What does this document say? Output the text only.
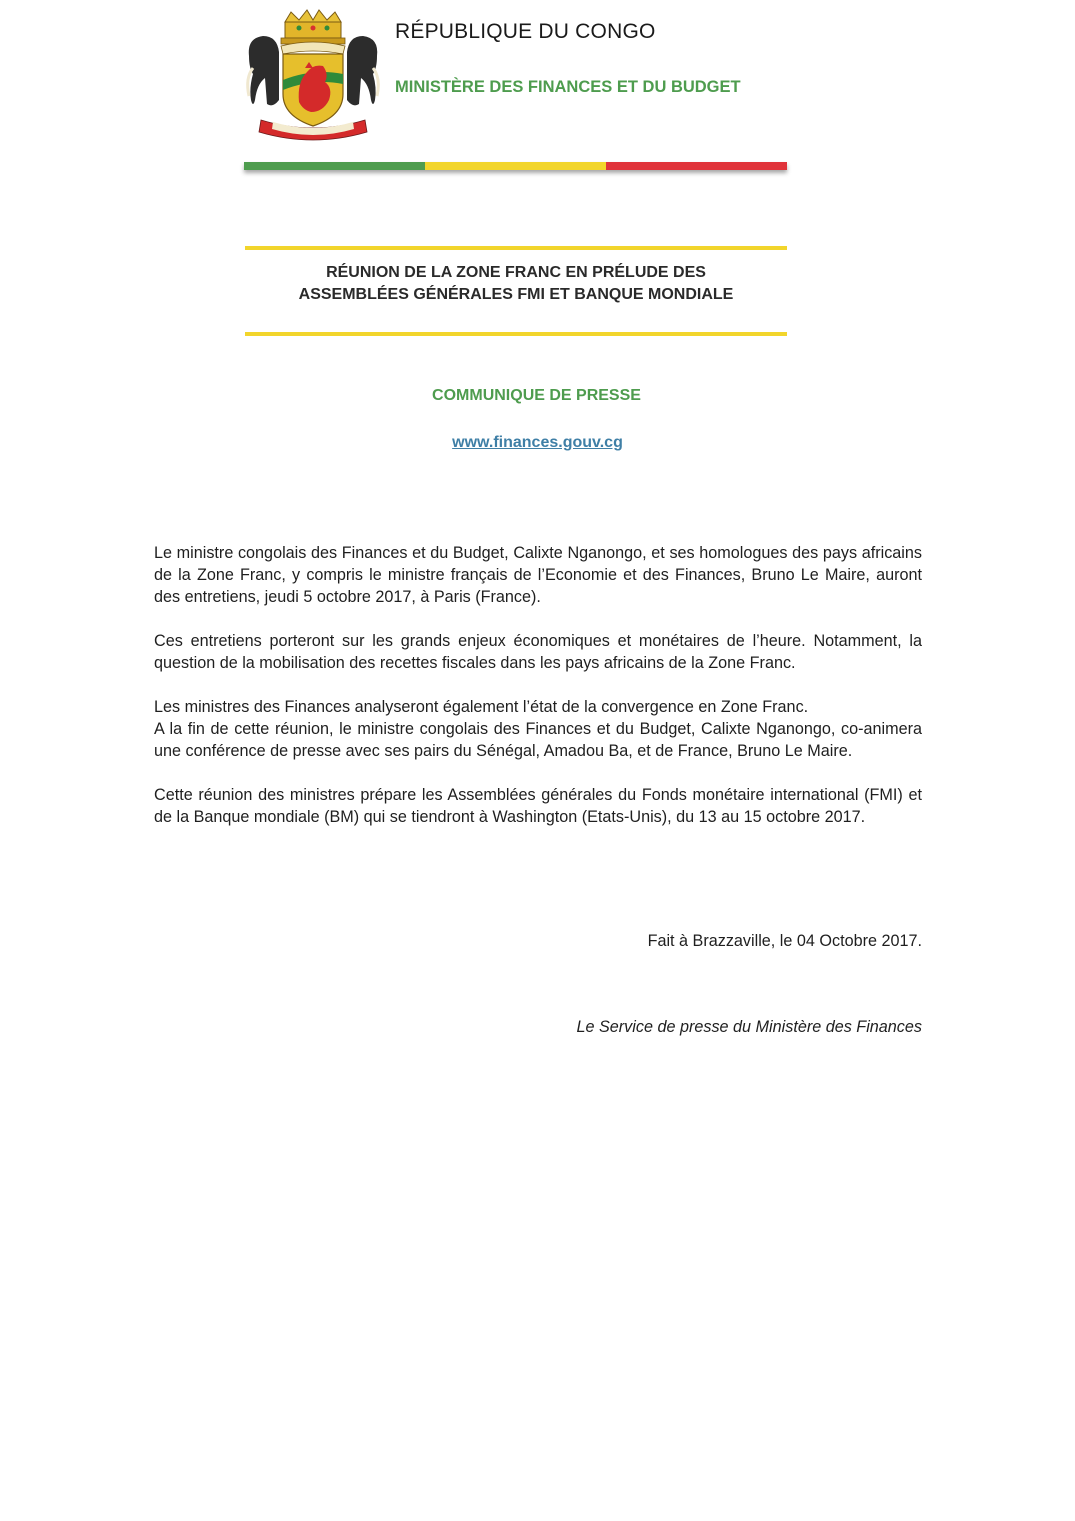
RÉPUBLIQUE DU CONGO
MINISTÈRE DES FINANCES ET DU BUDGET
RÉUNION DE LA ZONE FRANC EN PRÉLUDE DES
ASSEMBLÉES GÉNÉRALES FMI ET BANQUE MONDIALE
COMMUNIQUE DE PRESSE
www.finances.gouv.cg

Le ministre congolais des Finances et du Budget, Calixte Nganongo, et ses homologues des pays africains de la Zone Franc, y compris le ministre français de l’Economie et des Finances, Bruno Le Maire, auront des entretiens, jeudi 5 octobre 2017, à Paris (France).

Ces entretiens porteront sur les grands enjeux économiques et monétaires de l’heure. Notamment, la question de la mobilisation des recettes fiscales dans les pays africains de la Zone Franc.

Les ministres des Finances analyseront également l’état de la convergence en Zone Franc.

A la fin de cette réunion, le ministre congolais des Finances et du Budget, Calixte Nganongo, co-animera une conférence de presse avec ses pairs du Sénégal, Amadou Ba, et de France, Bruno Le Maire.

Cette réunion des ministres prépare les Assemblées générales du Fonds monétaire international (FMI) et de la Banque mondiale (BM) qui se tiendront à Washington (Etats-Unis), du 13 au 15 octobre 2017.

Fait à Brazzaville, le 04 Octobre 2017.
Le Service de presse du Ministère des Finances
